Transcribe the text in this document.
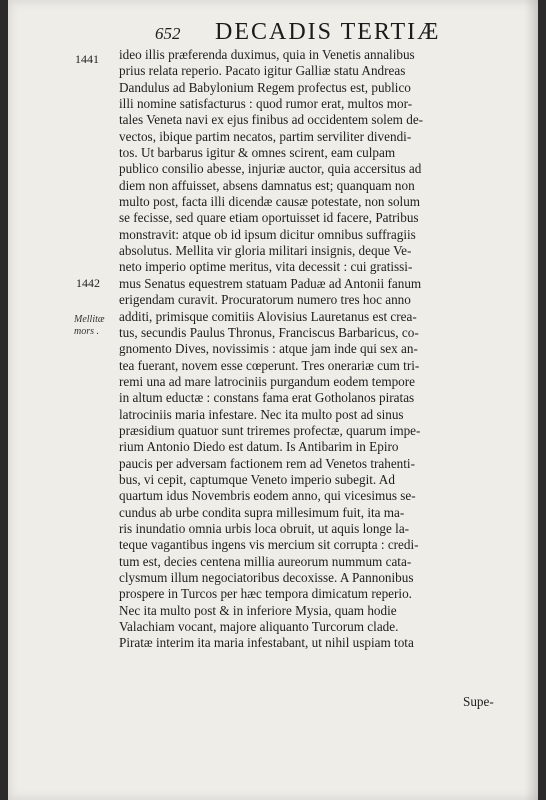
652 DECADIS TERTIÆ
1441
1442
Mellitæ
mors .
ideo illis præferenda duximus, quia in Venetis annalibus
prius relata reperio. Pacato igitur Galliæ statu Andreas
Dandulus ad Babylonium Regem profectus est, publico
illi nomine satisfacturus : quod rumor erat, multos mor-
tales Veneta navi ex ejus finibus ad occidentem solem de-
vectos, ibique partim necatos, partim serviliter divendi-
tos. Ut barbarus igitur & omnes scirent, eam culpam
publico consilio abesse, injuriæ auctor, quia accersitus ad
diem non affuisset, absens damnatus est; quanquam non
multo post, facta illi dicendæ causæ potestate, non solum
se fecisse, sed quare etiam oportuisset id facere, Patribus
monstravit: atque ob id ipsum dicitur omnibus suffragiis
absolutus. Mellita vir gloria militari insignis, deque Ve-
neto imperio optime meritus, vita decessit : cui gratissi-
mus Senatus equestrem statuam Paduæ ad Antonii fanum
erigendam curavit. Procuratorum numero tres hoc anno
additi, primisque comitiis Alovisius Lauretanus est crea-
tus, secundis Paulus Thronus, Franciscus Barbaricus, co-
gnomento Dives, novissimis : atque jam inde qui sex an-
tea fuerant, novem esse cœperunt. Tres onerariæ cum tri-
remi una ad mare latrociniis purgandum eodem tempore
in altum eductæ : constans fama erat Gotholanos piratas
latrociniis maria infestare. Nec ita multo post ad sinus
præsidium quatuor sunt triremes profectæ, quarum impe-
rium Antonio Diedo est datum. Is Antibarim in Epiro
paucis per adversam factionem rem ad Venetos trahenti-
bus, vi cepit, captumque Veneto imperio subegit. Ad
quartum idus Novembris eodem anno, qui vicesimus se-
cundus ab urbe condita supra millesimum fuit, ita ma-
ris inundatio omnia urbis loca obruit, ut aquis longe la-
teque vagantibus ingens vis mercium sit corrupta : credi-
tum est, decies centena millia aureorum nummum cata-
clysmum illum negociatoribus decoxisse. A Pannonibus
prospere in Turcos per hæc tempora dimicatum reperio.
Nec ita multo post & in inferiore Mysia, quam hodie
Valachiam vocant, majore aliquanto Turcorum clade.
Piratæ interim ita maria infestabant, ut nihil uspiam tota
Supe-
